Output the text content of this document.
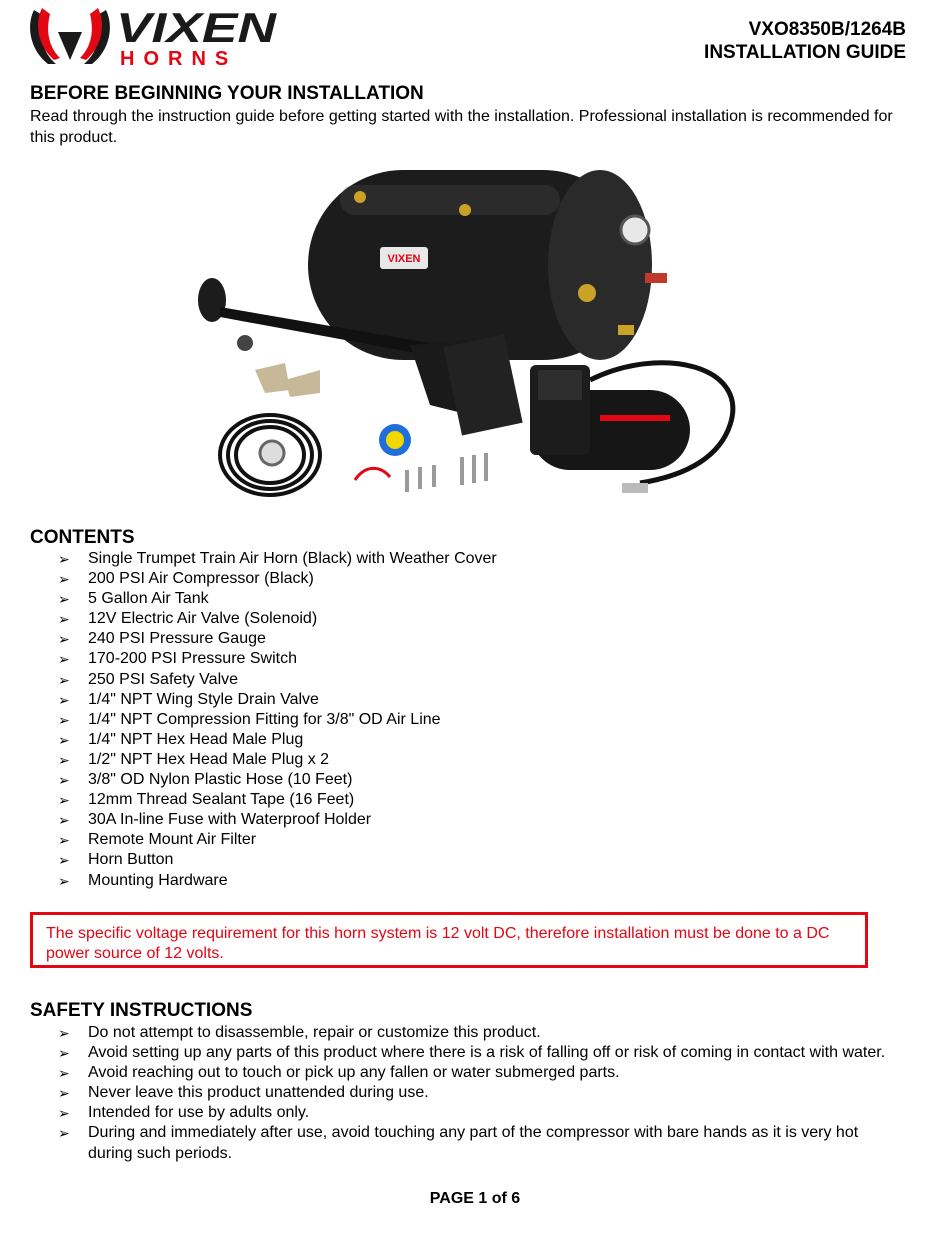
VIXEN
HORNS
VXO8350B/1264B
INSTALLATION GUIDE
BEFORE BEGINNING YOUR INSTALLATION
Read through the instruction guide before getting started with the installation. Professional installation is recommended for this product.
VIXEN
CONTENTS
➢ Single Trumpet Train Air Horn (Black) with Weather Cover
➢ 200 PSI Air Compressor (Black)
➢ 5 Gallon Air Tank
➢ 12V Electric Air Valve (Solenoid)
➢ 240 PSI Pressure Gauge
➢ 170-200 PSI Pressure Switch
➢ 250 PSI Safety Valve
➢ 1/4" NPT Wing Style Drain Valve
➢ 1/4" NPT Compression Fitting for 3/8" OD Air Line
➢ 1/4" NPT Hex Head Male Plug
➢ 1/2" NPT Hex Head Male Plug x 2
➢ 3/8" OD Nylon Plastic Hose (10 Feet)
➢ 12mm Thread Sealant Tape (16 Feet)
➢ 30A In-line Fuse with Waterproof Holder
➢ Remote Mount Air Filter
➢ Horn Button
➢ Mounting Hardware
The specific voltage requirement for this horn system is 12 volt DC, therefore installation must be done to a DC power source of 12 volts.
SAFETY INSTRUCTIONS
➢ Do not attempt to disassemble, repair or customize this product.
➢ Avoid setting up any parts of this product where there is a risk of falling off or risk of coming in contact with water.
➢ Avoid reaching out to touch or pick up any fallen or water submerged parts.
➢ Never leave this product unattended during use.
➢ Intended for use by adults only.
➢ During and immediately after use, avoid touching any part of the compressor with bare hands as it is very hot during such periods.
PAGE 1 of 6
